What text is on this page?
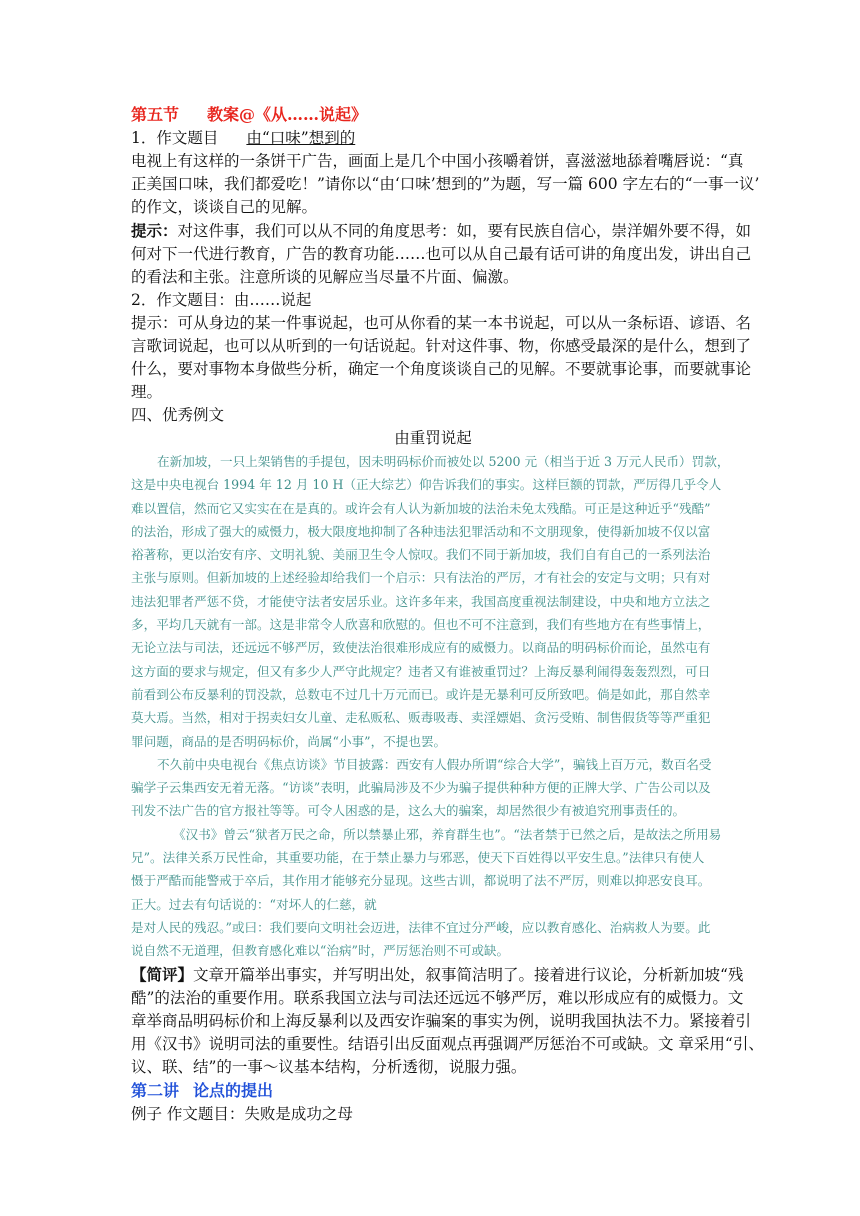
第五节 教案@《从……说起》
1．作文题目 由“口味”想到的
电视上有这样的一条饼干广告，画面上是几个中国小孩嚼着饼，喜滋滋地舔着嘴唇说：“真
正美国口味，我们都爱吃！”请你以“由‘口味’想到的”为题，写一篇 600 字左右的“一事一议’
的作文，谈谈自己的见解。
提示：对这件事，我们可以从不同的角度思考：如，要有民族自信心，崇洋媚外要不得，如
何对下一代进行教育，广告的教育功能……也可以从自己最有话可讲的角度出发，讲出自己
的看法和主张。注意所谈的见解应当尽量不片面、偏激。
2．作文题目：由……说起
提示：可从身边的某一件事说起，也可从你看的某一本书说起，可以从一条标语、谚语、名
言歌词说起，也可以从听到的一句话说起。针对这件事、物，你感受最深的是什么，想到了
什么，要对事物本身做些分析，确定一个角度谈谈自己的见解。不要就事论事，而要就事论
理。
四、优秀例文
由重罚说起
在新加坡，一只上架销售的手提包，因未明码标价而被处以 5200 元（相当于近 3 万元人民币）罚款，
这是中央电视台 1994 年 12 月 10 H（正大综艺）仰告诉我们的事实。这样巨额的罚款，严厉得几乎令人
难以置信，然而它又实实在在是真的。或许会有人认为新加坡的法治未免太残酷。可正是这种近乎“残酷”
的法治，形成了强大的威慑力，极大限度地抑制了各种违法犯罪活动和不文朋现象，使得新加坡不仅以富
裕著称，更以治安有序、文明礼貌、美丽卫生令人惊叹。我们不同于新加坡，我们自有自己的一系列法治
主张与原则。但新加坡的上述经验却给我们一个启示：只有法治的严厉，才有社会的安定与文明；只有对
违法犯罪者严惩不贷，才能使守法者安居乐业。这许多年来，我国高度重视法制建设，中央和地方立法之
多，平均几天就有一部。这是非常令人欣喜和欣慰的。但也不可不注意到，我们有些地方在有些事情上，
无论立法与司法，还远远不够严厉，致使法治很难形成应有的威慑力。以商品的明码标价而论，虽然屯有
这方面的要求与规定，但又有多少人严守此规定？违者又有谁被重罚过？上海反暴利闹得轰轰烈烈，可日
前看到公布反暴利的罚没款，总数屯不过几十万元而已。或许是无暴利可反所致吧。倘是如此，那自然幸
莫大焉。当然，相对于拐卖妇女儿童、走私贩私、贩毒吸毒、卖淫嫖娼、贪污受贿、制售假货等等严重犯
罪问题，商品的是否明码标价，尚属“小事”，不提也罢。
不久前中央电视台《焦点访谈》节目披露：西安有人假办所谓“综合大学”，骗钱上百万元，数百名受
骗学子云集西安无着无落。“访谈”表明，此骗局涉及不少为骗子提供种种方便的正牌大学、广告公司以及
刊发不法广告的官方报社等等。可令人困惑的是，这么大的骗案，却居然很少有被追究刑事责任的。
《汉书》曾云“狱者万民之命，所以禁暴止邪，养育群生也”。“法者禁于已然之后，是故法之所用易
兄”。法律关系万民性命，其重要功能，在于禁止暴力与邪恶，使天下百姓得以平安生息。”法律只有使人
慑于严酷而能警戒于卒后，其作用才能够充分显现。这些古训，都说明了法不严厉，则难以抑恶安良耳。
正大。过去有句话说的：“对坏人的仁慈，就
是对人民的残忍。”或曰：我们要向文明社会迈进，法律不宜过分严峻，应以教育感化、治病救人为要。此
说自然不无道理，但教育感化难以“治病”时，严厉惩治则不可或缺。
【简评】文章开篇举出事实，并写明出处，叙事简洁明了。接着进行议论，分析新加坡“残
酷”的法治的重要作用。联系我国立法与司法还远远不够严厉，难以形成应有的威慑力。文
章举商品明码标价和上海反暴利以及西安诈骗案的事实为例，说明我国执法不力。紧接着引
用《汉书》说明司法的重要性。结语引出反面观点再强调严厉惩治不可或缺。文 章采用“引、
议、联、结”的一事～议基本结构，分析透彻，说服力强。
第二讲 论点的提出
例子 作文题目：失败是成功之母
